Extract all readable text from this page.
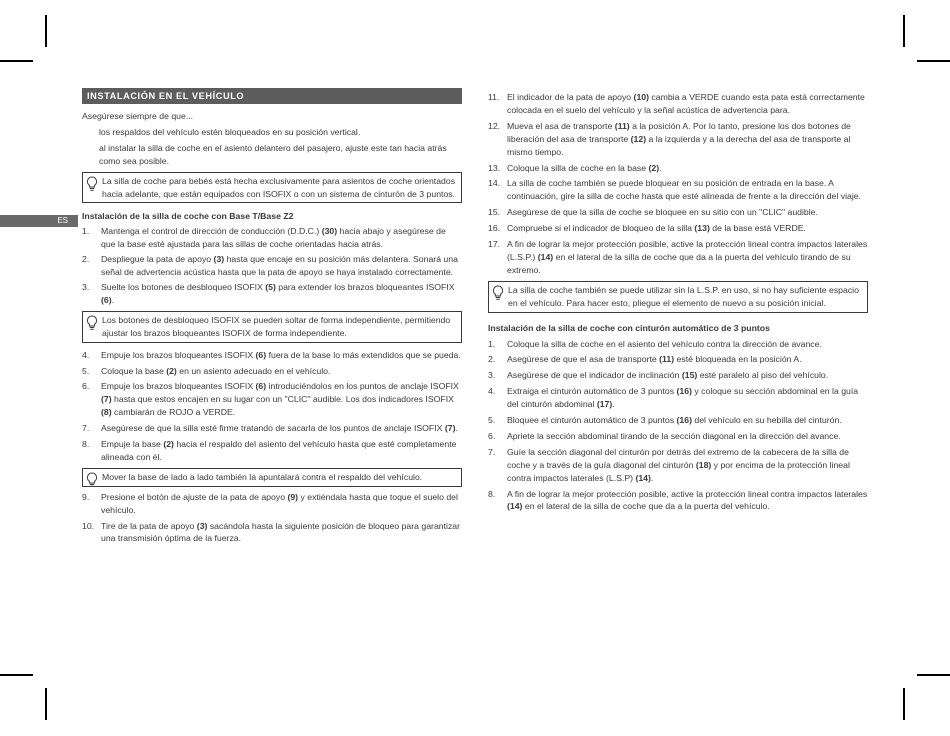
ES
INSTALACIÓN EN EL VEHÍCULO

Asegúrese siempre de que...

los respaldos del vehículo estén bloqueados en su posición vertical.

al instalar la silla de coche en el asiento delantero del pasajero, ajuste este tan hacia atrás como sea posible.

La silla de coche para bebés está hecha exclusivamente para asientos de coche orientados hacia adelante, que están equipados con ISOFIX o con un sistema de cinturón de 3 puntos.

Instalación de la silla de coche con Base T/Base Z2

1. Mantenga el control de dirección de conducción (D.D.C.) (30) hacia abajo y asegúrese de que la base esté ajustada para las sillas de coche orientadas hacia atrás.

2. Despliegue la pata de apoyo (3) hasta que encaje en su posición más delantera. Sonará una señal de advertencia acústica hasta que la pata de apoyo se haya instalado correctamente.

3. Suelte los botones de desbloqueo ISOFIX (5) para extender los brazos bloqueantes ISOFIX (6).

Los botones de desbloqueo ISOFIX se pueden soltar de forma independiente, permitiendo ajustar los brazos bloqueantes ISOFIX de forma independiente.

4. Empuje los brazos bloqueantes ISOFIX (6) fuera de la base lo más extendidos que se pueda.

5. Coloque la base (2) en un asiento adecuado en el vehículo.

6. Empuje los brazos bloqueantes ISOFIX (6) introduciéndolos en los puntos de anclaje ISOFIX (7) hasta que estos encajen en su lugar con un "CLIC" audible. Los dos indicadores ISOFIX (8) cambiarán de ROJO a VERDE.

7. Asegúrese de que la silla esté firme tratando de sacarla de los puntos de anclaje ISOFIX (7).

8. Empuje la base (2) hacia el respaldo del asiento del vehículo hasta que esté completamente alineada con él.

Mover la base de lado a lado también la apuntalará contra el respaldo del vehículo.

9. Presione el botón de ajuste de la pata de apoyo (9) y extiéndala hasta que toque el suelo del vehículo.

10. Tire de la pata de apoyo (3) sacándola hasta la siguiente posición de bloqueo para garantizar una transmisión óptima de la fuerza.

11. El indicador de la pata de apoyo (10) cambia a VERDE cuando esta pata está correctamente colocada en el suelo del vehículo y la señal acústica de advertencia para.

12. Mueva el asa de transporte (11) a la posición A. Por lo tanto, presione los dos botones de liberación del asa de transporte (12) a la izquierda y a la derecha del asa de transporte al mismo tiempo.

13. Coloque la silla de coche en la base (2).

14. La silla de coche también se puede bloquear en su posición de entrada en la base. A continuación, gire la silla de coche hasta que esté alineada de frente a la dirección del viaje.

15. Asegúrese de que la silla de coche se bloquee en su sitio con un "CLIC" audible.

16. Compruebe si el indicador de bloqueo de la silla (13) de la base está VERDE.

17. A fin de lograr la mejor protección posible, active la protección lineal contra impactos laterales (L.S.P.) (14) en el lateral de la silla de coche que da a la puerta del vehículo tirando de su extremo.

La silla de coche también se puede utilizar sin la L.S.P. en uso, si no hay suficiente espacio en el vehículo. Para hacer esto, pliegue el elemento de nuevo a su posición inicial.

Instalación de la silla de coche con cinturón automático de 3 puntos

1. Coloque la silla de coche en el asiento del vehículo contra la dirección de avance.

2. Asegúrese de que el asa de transporte (11) esté bloqueada en la posición A.

3. Asegúrese de que el indicador de inclinación (15) esté paralelo al piso del vehículo.

4. Extraiga el cinturón automático de 3 puntos (16) y coloque su sección abdominal en la guía del cinturón abdominal (17).

5. Bloquee el cinturón automático de 3 puntos (16) del vehículo en su hebilla del cinturón.

6. Apriete la sección abdominal tirando de la sección diagonal en la dirección del avance.

7. Guíe la sección diagonal del cinturón por detrás del extremo de la cabecera de la silla de coche y a través de la guía diagonal del cinturón (18) y por encima de la protección lineal contra impactos laterales (L.S.P) (14).

8. A fin de lograr la mejor protección posible, active la protección lineal contra impactos laterales (14) en el lateral de la silla de coche que da a la puerta del vehículo.
